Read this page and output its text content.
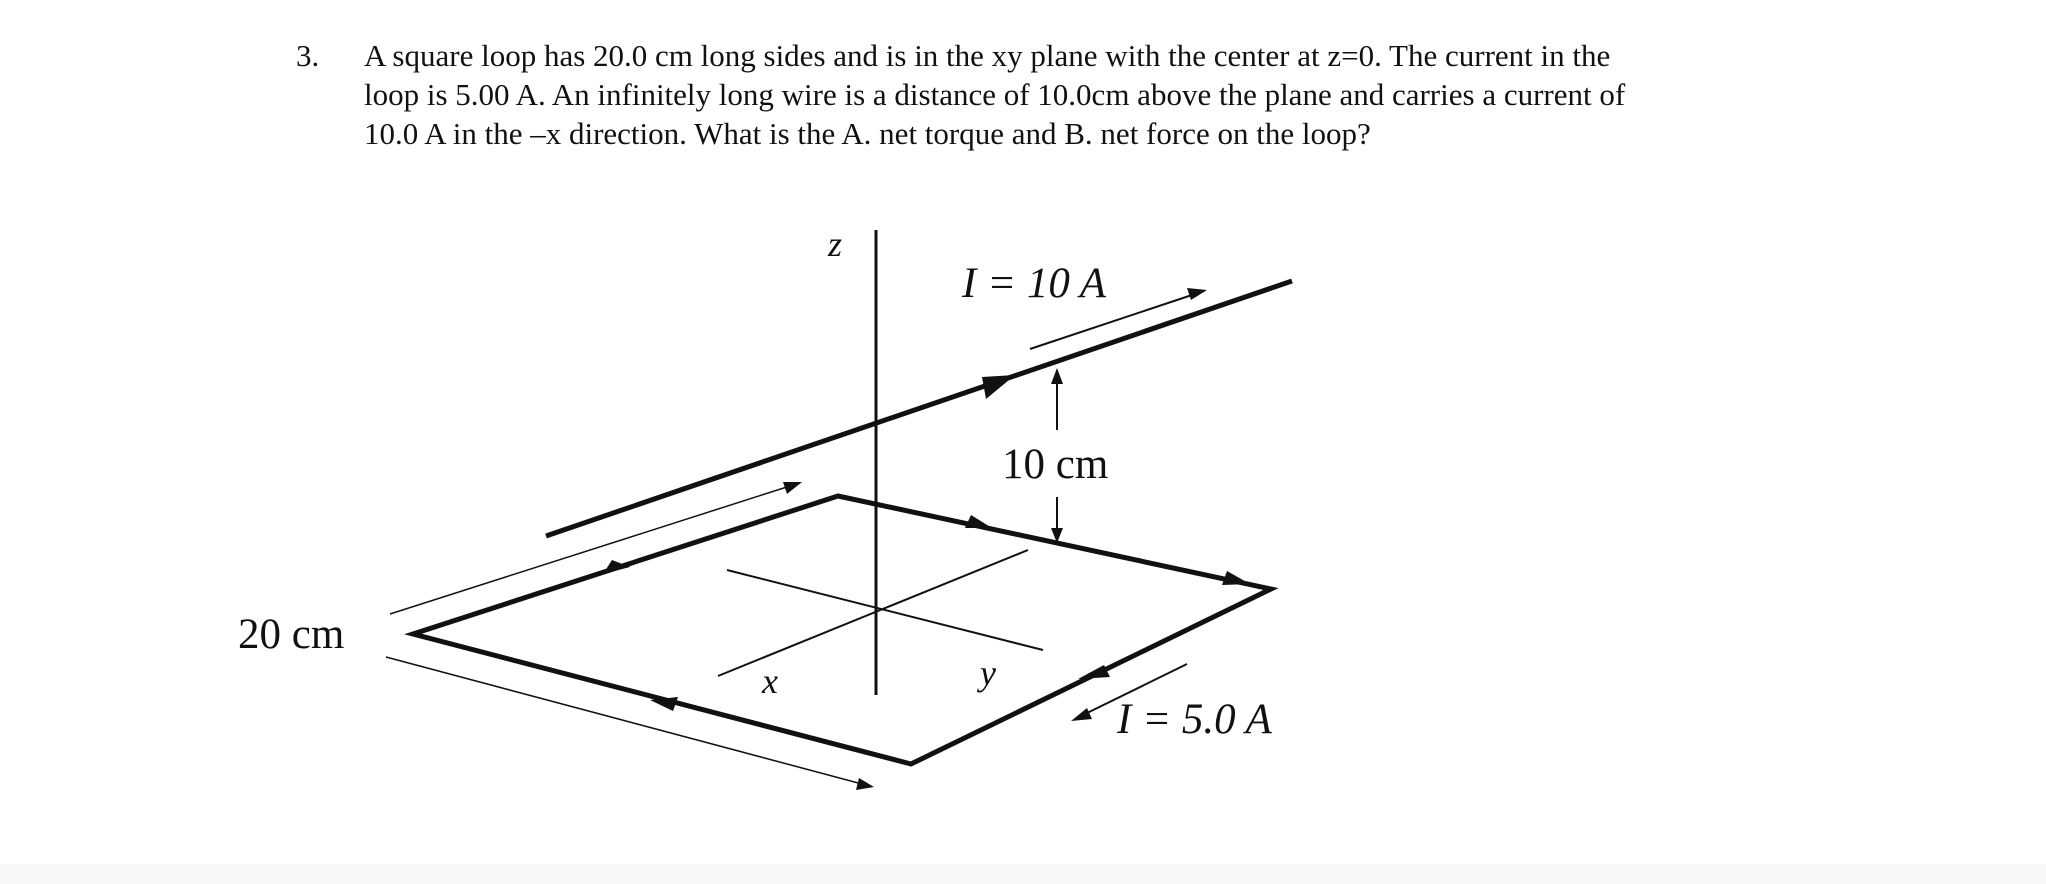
3. A square loop has 20.0 cm long sides and is in the xy plane with the center at z=0. The current in the
loop is 5.00 A. An infinitely long wire is a distance of 10.0cm above the plane and carries a current of
10.0 A in the –x direction. What is the A. net torque and B. net force on the loop?
z
x	y
I = 10 A
10 cm
20 cm
I = 5.0 A
